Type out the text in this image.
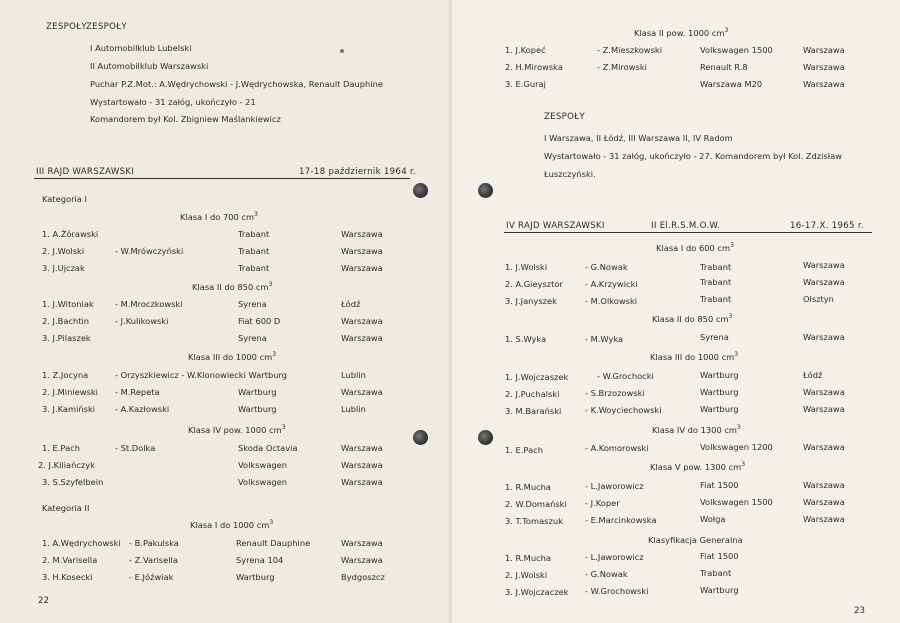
ZESPOŁY ZESPOŁY
I Automobilklub Lubelski
II Automobilklub Warszawski
Puchar P.Z.Mot.: A.Wędrychowski - J.Wędrychowska, Renault Dauphine
Wystartowało - 31 załóg, ukończyło - 21
Komandorem był Kol. Zbigniew Maślankiewicz
III RAJD WARSZAWSKI	17-18 październik 1964 r.
Kategoria I
Klasa I do 700 $cm^3$
1. A.Żórawski	Trabant	Warszawa
2. J.Wolski	- W.Mrówczyński	Trabant	Warszawa
3. J.Ujczak	Trabant	Warszawa
Klasa II do 850 $cm^3$
1. J.Witoniak	- M.Mroczkowski	Syrena	Łódź
2. J.Bachtin	- J.Kulikowski	Fiat 600 D	Warszawa
3. J.Pilaszek	Syrena	Warszawa
Klasa III do 1000 $cm^3$
1. Z.Jocyna	- Orzyszkiewicz - W.Klonowiecki Wartburg	Lublin
2. J.Miniewski - M.Repeta	Wartburg	Warszawa
3. J.Kamiński - A.Kazłowski	Wartburg	Lublin
Klasa IV pow. 1000 $cm^3$
1. E.Pach	- St.Dolka	Skoda Octavia	Warszawa
2. J.Kiliańczyk	Volkswagen	Warszawa
3. S.Szyfelbein	Volkswagen	Warszawa
Kategoria II
Klasa I do 1000 $cm^3$
1. A.Wędrychowski - B.Pakulska	Renault Dauphine	Warszawa
2. M.Varisella	- Z.Varisella	Syrena 104	Warszawa
3. H.Kosecki	- E.Jóźwiak	Wartburg	Bydgoszcz
22
Klasa II pow. 1000 $cm^3$
1. J.Kopeć	- Z.Mieszkowski	Volkswagen 1500	Warszawa
2. H.Mirowska	- Z.Mirowski	Renault R.8	Warszawa
3. E.Guraj	Warszawa M20	Warszawa
ZESPOŁY
I Warszawa, II Łódź, III Warszawa II, IV Radom
Wystartowało - 31 załóg, ukończyło - 27. Komandorem był Kol. Zdzisław
Łuszczyński.
IV RAJD WARSZAWSKI	II El.R.S.M.O.W.	16-17.X. 1965 r.
Klasa I do 600 $cm^3$
1. J.Wolski	- G.Nowak	Trabant	Warszawa
2. A.Gieysztor	- A.Krzywicki	Trabant	Warszawa
3. J.Janyszek	- M.Olkowski	Trabant	Olsztyn
Klasa II do 850 $cm^3$
1. S.Wyka	- M.Wyka	Syrena	Warszawa
Klasa III do 1000 $cm^3$
1. J.Wojczaszek	- W.Grochocki	Wartburg	Łódź
2. J.Puchalski	- S.Brzozowski	Wartburg	Warszawa
3. M.Barański	- K.Woyciechowski	Wartburg	Warszawa
Klasa IV do 1300 $cm^3$
1. E.Pach	- A.Komorowski	Volkswagen 1200	Warszawa
Klasa V pow. 1300 $cm^3$
1. R.Mucha	- L.Jaworowicz	Fiat 1500	Warszawa
2. W.Domański - J.Koper	Volkswagen 1500	Warszawa
3. T.Tomaszuk	- E.Marcinkowska	Wołga	Warszawa
Klasyfikacja Generalna
1. R.Mucha	- L.Jaworowicz	Fiat 1500
2. J.Wolski	- G.Nowak	Trabant
3. J.Wojczaczek - W.Grochowski	Wartburg
23
